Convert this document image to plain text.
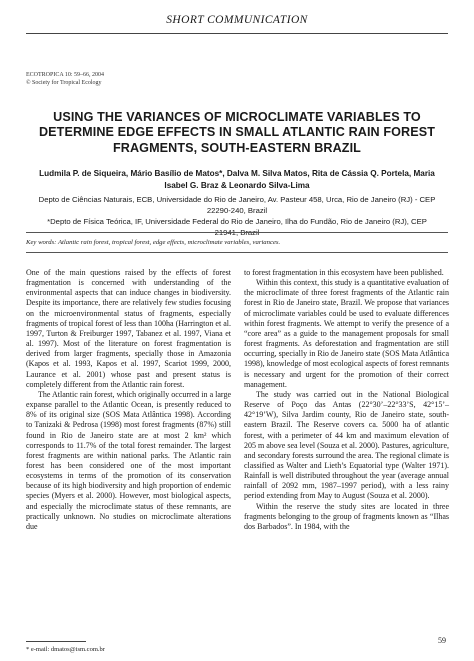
SHORT COMMUNICATION
ECOTROPICA 10: 59–66, 2004
© Society for Tropical Ecology
USING THE VARIANCES OF MICROCLIMATE VARIABLES TO DETERMINE EDGE EFFECTS IN SMALL ATLANTIC RAIN FOREST FRAGMENTS, SOUTH-EASTERN BRAZIL
Ludmila P. de Siqueira, Mário Basílio de Matos*, Dalva M. Silva Matos, Rita de Cássia Q. Portela, Maria Isabel G. Braz & Leonardo Silva-Lima

Depto de Ciências Naturais, ECB, Universidade do Rio de Janeiro, Av. Pasteur 458, Urca, Rio de Janeiro (RJ) - CEP 22290-240, Brazil

*Depto de Física Teórica, IF, Universidade Federal do Rio de Janeiro, Ilha do Fundão, Rio de Janeiro (RJ), CEP 21941, Brazil

Key words: Atlantic rain forest, tropical forest, edge effects, microclimate variables, variances.

One of the main questions raised by the effects of forest fragmentation is concerned with understanding of the environmental aspects that can induce changes in biodiversity. Despite its importance, there are relatively few studies focusing on the microenvironmental status of fragments, especially fragments of tropical forest of less than 100ha (Harrington et al. 1997, Turton & Freiburger 1997, Tabanez et al. 1997, Viana et al. 1997). Most of the literature on forest fragmentation is derived from larger fragments, specially those in Amazonia (Kapos et al. 1993, Kapos et al. 1997, Scariot 1999, 2000, Laurance et al. 2001) whose past and present status is completely different from the Atlantic rain forest.

The Atlantic rain forest, which originally occurred in a large expanse parallel to the Atlantic Ocean, is presently reduced to 8% of its original size (SOS Mata Atlântica 1998). According to Tanizaki & Pedrosa (1998) most forest fragments (87%) still found in Rio de Janeiro state are at most 2 km² which corresponds to 11.7% of the total forest remainder. The largest forest fragments are within national parks. The Atlantic rain forest has been considered one of the most important ecosystems in terms of the promotion of its conservation because of its high biodiversity and high proportion of endemic species (Myers et al. 2000). However, most biological aspects, and especially the microclimate status of these remnants, are practically unknown. No studies on microclimate alterations due

to forest fragmentation in this ecosystem have been published.

Within this context, this study is a quantitative evaluation of the microclimate of three forest fragments of the Atlantic rain forest in Rio de Janeiro state, Brazil. We propose that variances of microclimate variables could be used to evaluate differences within forest fragments. We attempt to verify the presence of a “core area” as a guide to the management proposals for small forest fragments. As deforestation and fragmentation are still occurring, specially in Rio de Janeiro state (SOS Mata Atlântica 1998), knowledge of most ecological aspects of forest remnants is necessary and urgent for the promotion of their correct management.

The study was carried out in the National Biological Reserve of Poço das Antas (22°30’–22°33’S, 42°15’–42°19’W), Silva Jardim county, Rio de Janeiro state, south-eastern Brazil. The Reserve covers ca. 5000 ha of atlantic forest, with a perimeter of 44 km and maximum elevation of 205 m above sea level (Souza et al. 2000). Pastures, agriculture, and secondary forests surround the area. The regional climate is classified as Walter and Lieth’s Equatorial type (Walter 1971). Rainfall is well distributed throughout the year (average annual rainfall of 2092 mm, 1987–1997 period), with a less rainy period extending from May to August (Souza et al. 2000).

Within the reserve the study sites are located in three fragments belonging to the group of fragments known as “Ilhas dos Barbados”. In 1984, with the

* e-mail: dmatos@ism.com.br
59
